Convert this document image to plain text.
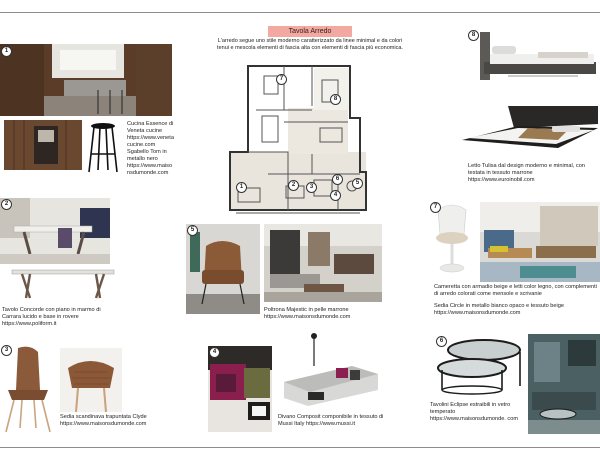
Tavola Arredo
L'arredo segue uno stile moderno caratterizzato da linee minimal e da colori tenui e mescola elementi di fascia alta con elementi di fascia più economica.
7
8
1	2	3
4
5
6
1
Cucina Essence di Veneta cucine https://www.veneta cucine.com
Sgabello Tom in metallo nero https://www.maiso nsdumonde.com
2
Tavolo Concorde con piano in marmo di Carrara lucido e base in rovere https://www.poliform.it
3
Sedia scandinava trapuntata Clyde https://www.maisonsdumonde.com
5
Poltrona Majestic in pelle marrone https://www.maisonsdumonde.com
4
Divano Composit componibile in tessuto di Mussi Italy https://www.mussi.it
8
Letto Tulisa dal design moderno e minimal, con testata in tessuto marrone https://www.euroinobil.com
7
Cameretta con armadio beige e letti color legno, con complementi di arredo colorati come mensole e scrivanie
Sedia Circle in metallo bianco opaco e tessuto beige https://www.maisonsdumonde.com
6
Tavolini Eclipse estraibili in vetro temperato https://www.maisonsdumonde. com
